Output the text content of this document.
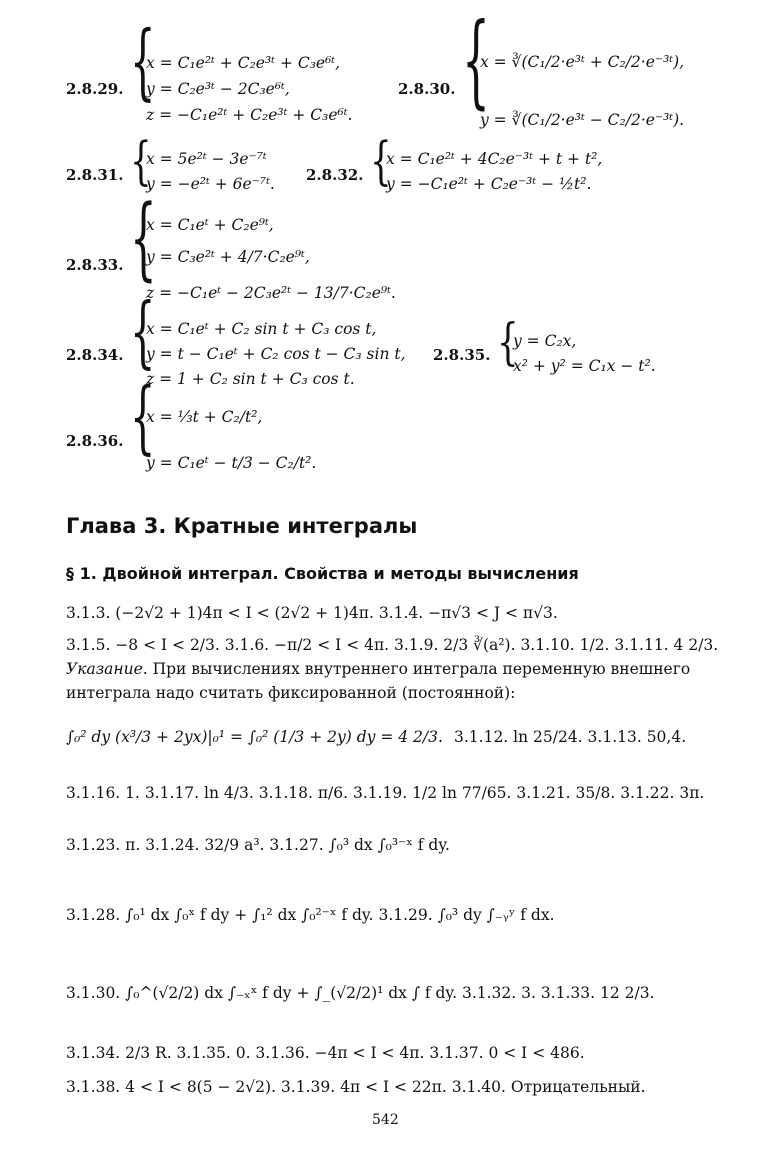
2.8.29. {
x = C₁e²ᵗ + C₂e³ᵗ + C₃e⁶ᵗ,
y = C₂e³ᵗ − 2C₃e⁶ᵗ,
z = −C₁e²ᵗ + C₂e³ᵗ + C₃e⁶ᵗ.
2.8.30. {
x = ∛(C₁/2·e³ᵗ + C₂/2·e⁻³ᵗ),
y = ∛(C₁/2·e³ᵗ − C₂/2·e⁻³ᵗ).
2.8.31. {
x = 5e²ᵗ − 3e⁻⁷ᵗ
y = −e²ᵗ + 6e⁻⁷ᵗ. 2.8.32. {
x = C₁e²ᵗ + 4C₂e⁻³ᵗ + t + t²,
y = −C₁e²ᵗ + C₂e⁻³ᵗ − ½t².
2.8.33. {
x = C₁eᵗ + C₂e⁹ᵗ,
y = C₃e²ᵗ + 4/7·C₂e⁹ᵗ,
z = −C₁eᵗ − 2C₃e²ᵗ − 13/7·C₂e⁹ᵗ.
2.8.34. {
x = C₁eᵗ + C₂ sin t + C₃ cos t,
y = t − C₁eᵗ + C₂ cos t − C₃ sin t,
z = 1 + C₂ sin t + C₃ cos t.
2.8.35. {
y = C₂x,
x² + y² = C₁x − t².
2.8.36. {
x = ⅓t + C₂/t²,
y = C₁eᵗ − t/3 − C₂/t².
Глава 3. Кратные интегралы
§ 1. Двойной интеграл. Свойства и методы вычисления
3.1.3. (−2√2 + 1)4π < I < (2√2 + 1)4π. 3.1.4. −π√3 < J < π√3.
3.1.5. −8 < I < 2/3. 3.1.6. −π/2 < I < 4π. 3.1.9. 2/3 ∛(a²). 3.1.10. 1/2. 3.1.11. 4 2/3.
Указание. При вычислениях внутреннего интеграла переменную внешнего
интеграла надо считать фиксированной (постоянной):
∫₀² dy (x³/3 + 2yx)|₀¹ = ∫₀² (1/3 + 2y) dy = 4 2/3. 3.1.12. ln 25/24. 3.1.13. 50,4.
3.1.16. 1. 3.1.17. ln 4/3. 3.1.18. π/6. 3.1.19. 1/2 ln 77/65. 3.1.21. 35/8. 3.1.22. 3π.
3.1.23. π. 3.1.24. 32/9 a³. 3.1.27. ∫₀³ dx ∫₀³⁻ˣ f dy.
3.1.28. ∫₀¹ dx ∫₀ˣ f dy + ∫₁² dx ∫₀²⁻ˣ f dy. 3.1.29. ∫₀³ dy ∫₋ᵧʸ f dx.
3.1.30. ∫₀^(√2/2) dx ∫₋ₓˣ f dy + ∫_(√2/2)¹ dx ∫ f dy. 3.1.32. 3. 3.1.33. 12 2/3.
3.1.34. 2/3 R. 3.1.35. 0. 3.1.36. −4π < I < 4π. 3.1.37. 0 < I < 486.
3.1.38. 4 < I < 8(5 − 2√2). 3.1.39. 4π < I < 22π. 3.1.40. Отрицательный.
542
